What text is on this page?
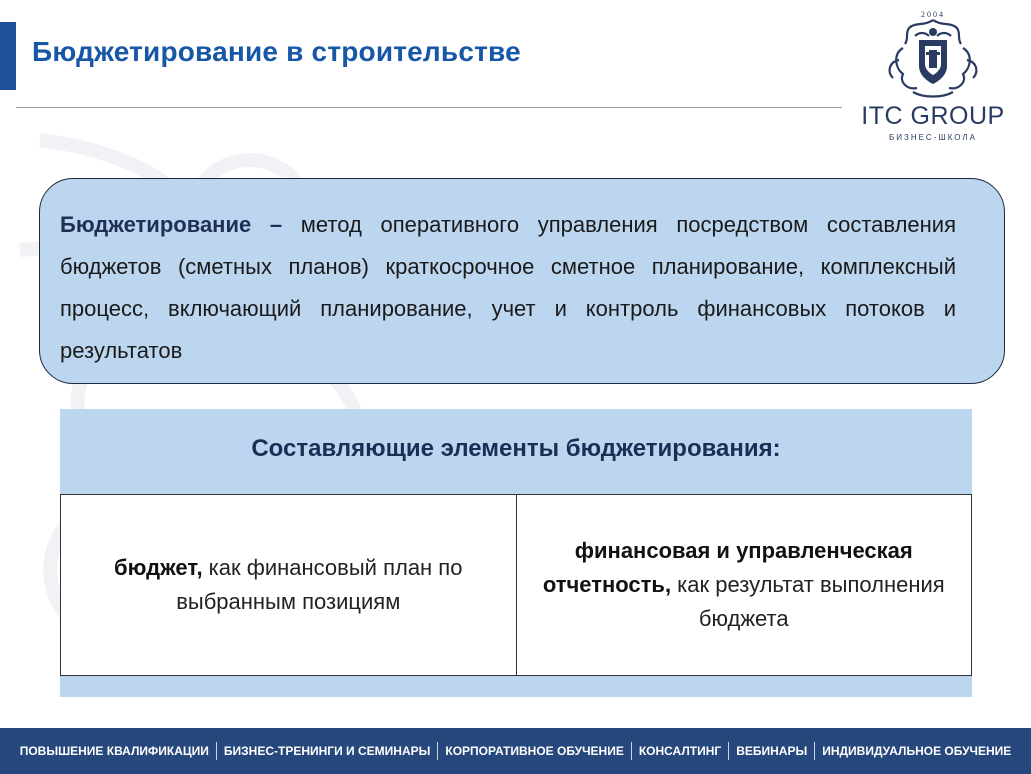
Бюджетирование в строительстве
2004
ITC GROUP
БИЗНЕС-ШКОЛА

Бюджетирование – метод оперативного управления посредством составления бюджетов (сметных планов) краткосрочное сметное планирование, комплексный процесс, включающий планирование, учет и контроль финансовых потоков и результатов

Составляющие элементы бюджетирования:
бюджет, как финансовый план по выбранным позициям
финансовая и управленческая отчетность, как результат выполнения бюджета
ПОВЫШЕНИЕ КВАЛИФИКАЦИИ	БИЗНЕС-ТРЕНИНГИ И СЕМИНАРЫ	КОРПОРАТИВНОЕ ОБУЧЕНИЕ	КОНСАЛТИНГ	ВЕБИНАРЫ	ИНДИВИДУАЛЬНОЕ ОБУЧЕНИЕ
